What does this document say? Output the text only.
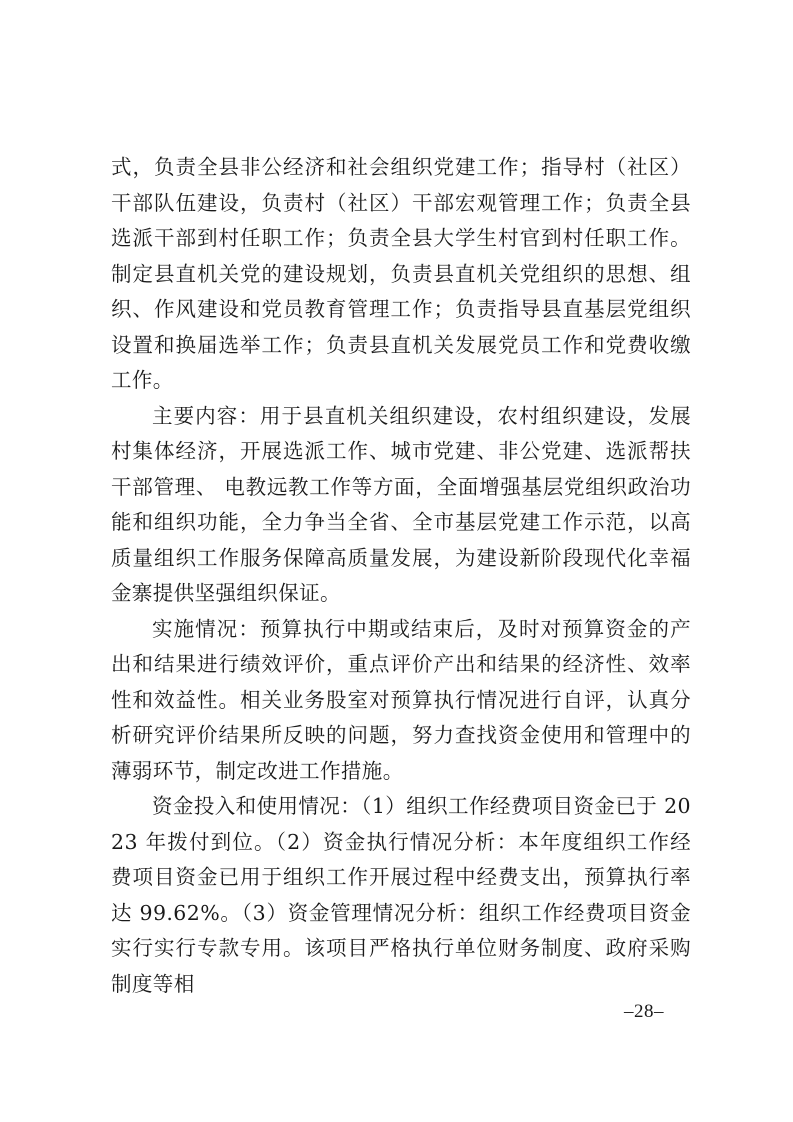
式，负责全县非公经济和社会组织党建工作；指导村（社区）干部队伍建设，负责村（社区）干部宏观管理工作；负责全县选派干部到村任职工作；负责全县大学生村官到村任职工作。制定县直机关党的建设规划，负责县直机关党组织的思想、组织、作风建设和党员教育管理工作；负责指导县直基层党组织设置和换届选举工作；负责县直机关发展党员工作和党费收缴工作。

主要内容：用于县直机关组织建设，农村组织建设，发展村集体经济，开展选派工作、城市党建、非公党建、选派帮扶干部管理、 电教远教工作等方面，全面增强基层党组织政治功能和组织功能，全力争当全省、全市基层党建工作示范，以高质量组织工作服务保障高质量发展，为建设新阶段现代化幸福金寨提供坚强组织保证。

实施情况：预算执行中期或结束后，及时对预算资金的产出和结果进行绩效评价，重点评价产出和结果的经济性、效率性和效益性。相关业务股室对预算执行情况进行自评，认真分析研究评价结果所反映的问题，努力查找资金使用和管理中的薄弱环节，制定改进工作措施。

资金投入和使用情况：（1）组织工作经费项目资金已于 2023 年拨付到位。（2）资金执行情况分析：本年度组织工作经费项目资金已用于组织工作开展过程中经费支出，预算执行率达 99.62%。（3）资金管理情况分析：组织工作经费项目资金实行实行专款专用。该项目严格执行单位财务制度、政府采购制度等相

–28–
